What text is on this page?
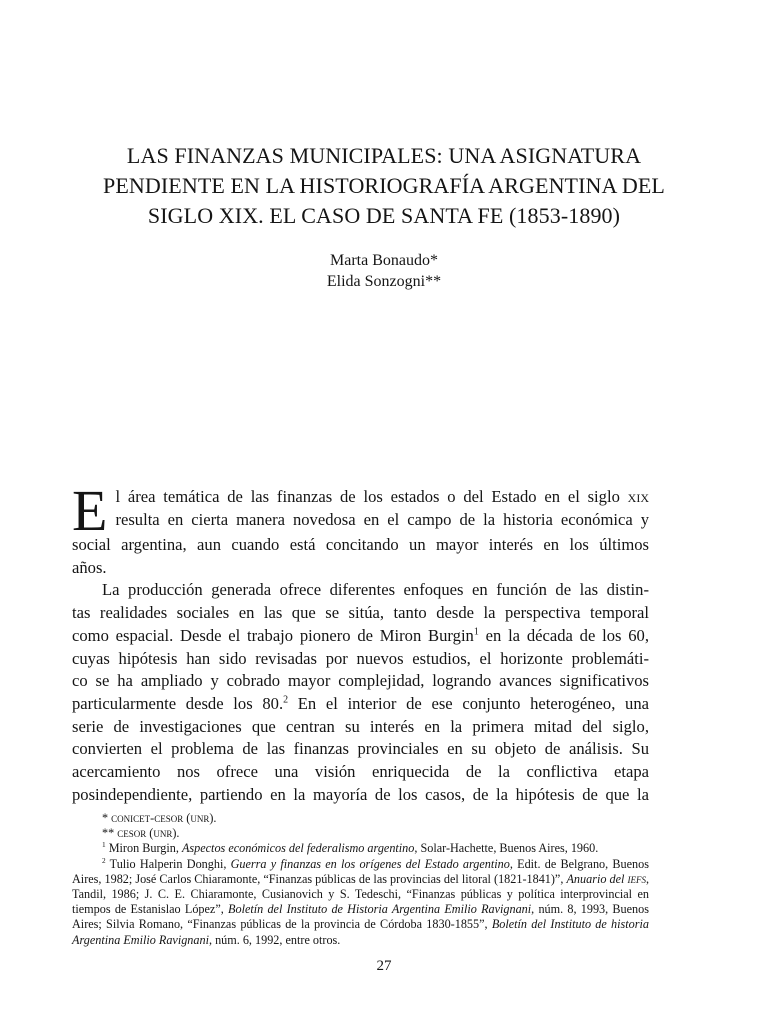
LAS FINANZAS MUNICIPALES: UNA ASIGNATURA
PENDIENTE EN LA HISTORIOGRAFÍA ARGENTINA DEL
SIGLO XIX. EL CASO DE SANTA FE (1853-1890)
Marta Bonaudo*
Elida Sonzogni**
E l área temática de las finanzas de los estados o del Estado en el siglo xix
resulta en cierta manera novedosa en el campo de la historia económica y
social argentina, aun cuando está concitando un mayor interés en los últimos
años.
La producción generada ofrece diferentes enfoques en función de las distin-
tas realidades sociales en las que se sitúa, tanto desde la perspectiva temporal
como espacial. Desde el trabajo pionero de Miron Burgin$^1$ en la década de los 60,
cuyas hipótesis han sido revisadas por nuevos estudios, el horizonte problemáti-
co se ha ampliado y cobrado mayor complejidad, logrando avances significativos
particularmente desde los 80.$^2$ En el interior de ese conjunto heterogéneo, una
serie de investigaciones que centran su interés en la primera mitad del siglo,
convierten el problema de las finanzas provinciales en su objeto de análisis. Su
acercamiento nos ofrece una visión enriquecida de la conflictiva etapa
posindependiente, partiendo en la mayoría de los casos, de la hipótesis de que la
* conicet-cesor (unr).
** cesor (unr).
$^1$ Miron Burgin, Aspectos económicos del federalismo argentino, Solar-Hachette, Buenos Aires, 1960.
$^2$ Tulio Halperin Donghi, Guerra y finanzas en los orígenes del Estado argentino, Edit. de Belgrano, Buenos Aires, 1982; José Carlos Chiaramonte, “Finanzas públicas de las provincias del litoral (1821-1841)”, Anuario del iefs, Tandil, 1986; J. C. E. Chiaramonte, Cusianovich y S. Tedeschi, “Finanzas públicas y política interprovincial en tiempos de Estanislao López”, Boletín del Instituto de Historia Argentina Emilio Ravignani, núm. 8, 1993, Buenos Aires; Silvia Romano, “Finanzas públicas de la provincia de Córdoba 1830-1855”, Boletín del Instituto de historia Argentina Emilio Ravignani, núm. 6, 1992, entre otros.
27
